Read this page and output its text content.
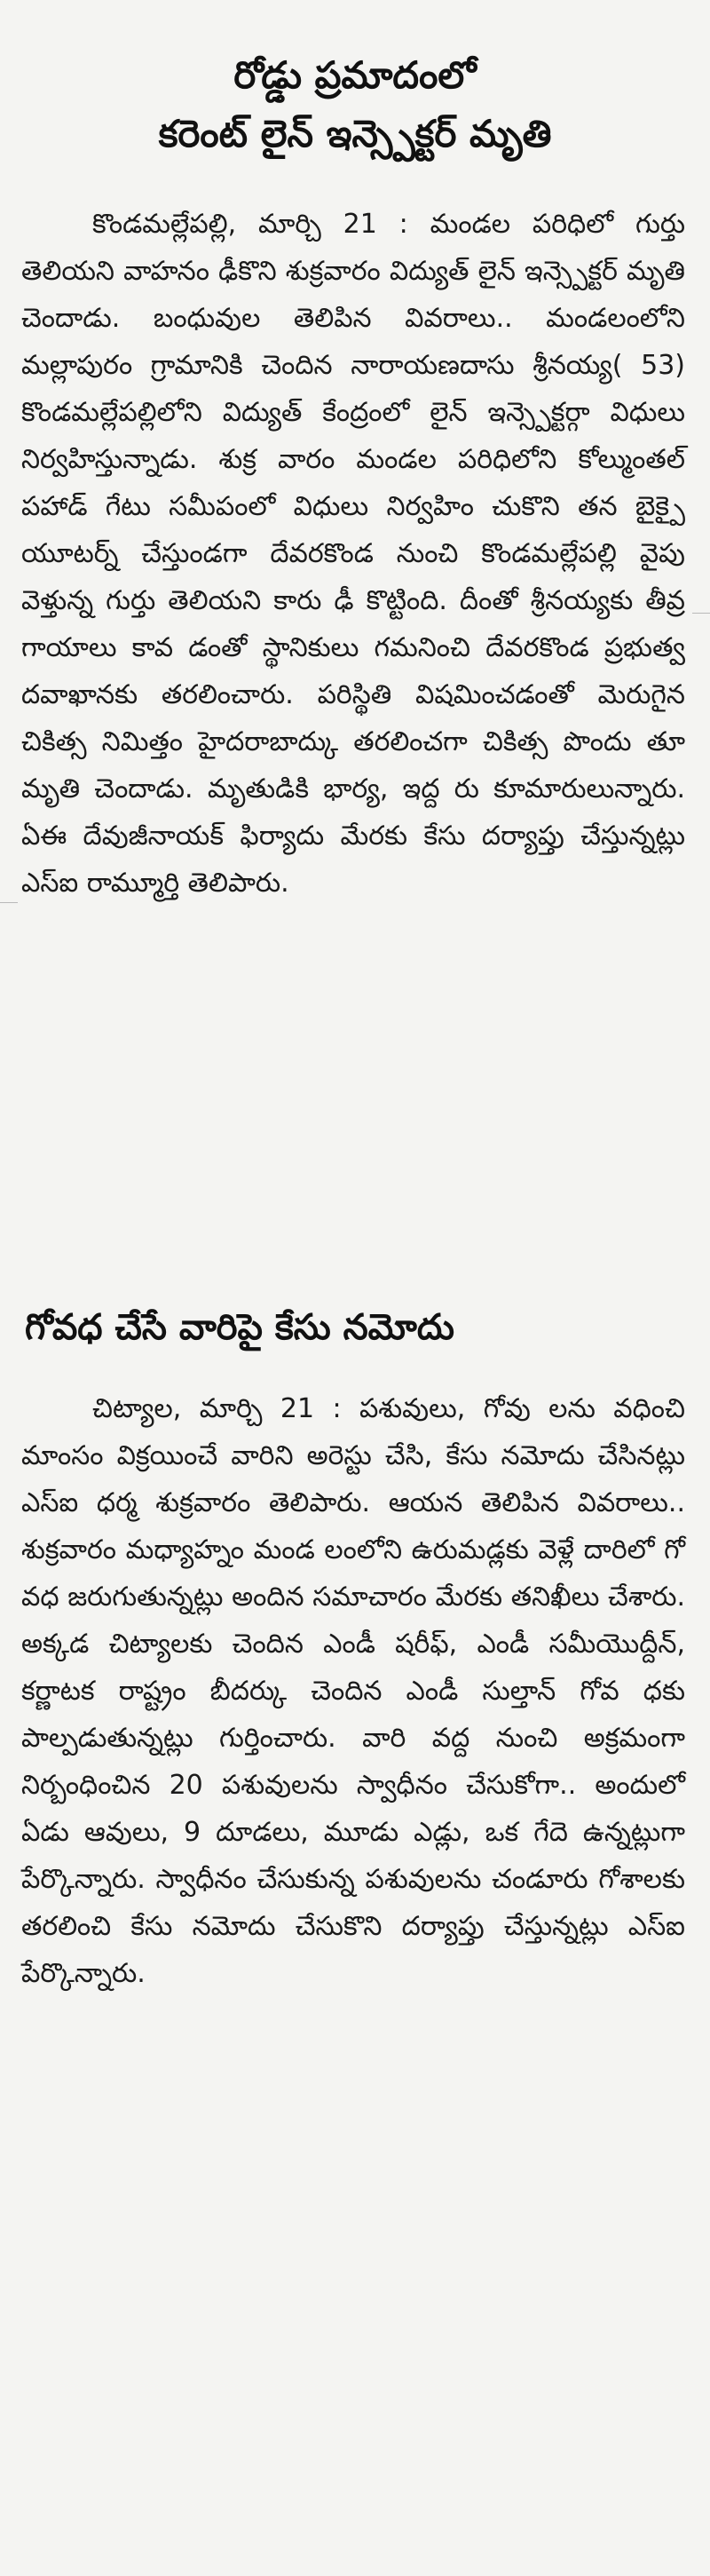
రోడ్డు ప్రమాదంలో
కరెంట్ లైన్ ఇన్స్పెక్టర్ మృతి

కొండమల్లేపల్లి, మార్చి 21 : మండల పరిధిలో గుర్తు తెలియని వాహనం ఢీకొని శుక్రవారం విద్యుత్ లైన్ ఇన్స్పెక్టర్ మృతి చెందాడు. బంధువుల తెలిపిన వివరాలు.. మండలంలోని మల్లాపురం గ్రామానికి చెందిన నారాయణదాసు శ్రీనయ్య( 53) కొండమల్లేపల్లిలోని విద్యుత్ కేంద్రంలో లైన్ ఇన్స్పెక్టర్గా విధులు నిర్వహిస్తున్నాడు. శుక్ర వారం మండల పరిధిలోని కోల్ముంతల్ పహాడ్ గేటు సమీపంలో విధులు నిర్వహిం చుకొని తన బైక్పై యూటర్న్ చేస్తుండగా దేవరకొండ నుంచి కొండమల్లేపల్లి వైపు వెళ్తున్న గుర్తు తెలియని కారు ఢీ కొట్టింది. దీంతో శ్రీనయ్యకు తీవ్ర గాయాలు కావ డంతో స్థానికులు గమనించి దేవరకొండ ప్రభుత్వ దవాఖానకు తరలించారు. పరిస్థితి విషమించడంతో మెరుగైన చికిత్స నిమిత్తం హైదరాబాద్కు తరలించగా చికిత్స పొందు తూ మృతి చెందాడు. మృతుడికి భార్య, ఇద్ద రు కూమారులున్నారు. ఏఈ దేవుజీనాయక్ ఫిర్యాదు మేరకు కేసు దర్యాప్తు చేస్తున్నట్లు ఎస్ఐ రామ్మూర్తి తెలిపారు.

గోవధ చేసే వారిపై కేసు నమోదు

చిట్యాల, మార్చి 21 : పశువులు, గోవు లను వధించి మాంసం విక్రయించే వారిని అరెస్టు చేసి, కేసు నమోదు చేసినట్లు ఎస్ఐ ధర్మ శుక్రవారం తెలిపారు. ఆయన తెలిపిన వివరాలు.. శుక్రవారం మధ్యాహ్నం మండ లంలోని ఉరుమడ్లకు వెళ్లే దారిలో గో వధ జరుగుతున్నట్లు అందిన సమాచారం మేరకు తనిఖీలు చేశారు. అక్కడ చిట్యాలకు చెందిన ఎండీ షరీఫ్, ఎండీ సమీయొద్దీన్, కర్ణాటక రాష్ట్రం బీదర్కు చెందిన ఎండీ సుల్తాన్ గోవ ధకు పాల్పడుతున్నట్లు గుర్తించారు. వారి వద్ద నుంచి అక్రమంగా నిర్బంధించిన 20 పశువులను స్వాధీనం చేసుకోగా.. అందులో ఏడు ఆవులు, 9 దూడలు, మూడు ఎడ్లు, ఒక గేదె ఉన్నట్లుగా పేర్కొన్నారు. స్వాధీనం చేసుకున్న పశువులను చండూరు గోశాలకు తరలించి కేసు నమోదు చేసుకొని దర్యాప్తు చేస్తున్నట్లు ఎస్ఐ పేర్కొన్నారు.
